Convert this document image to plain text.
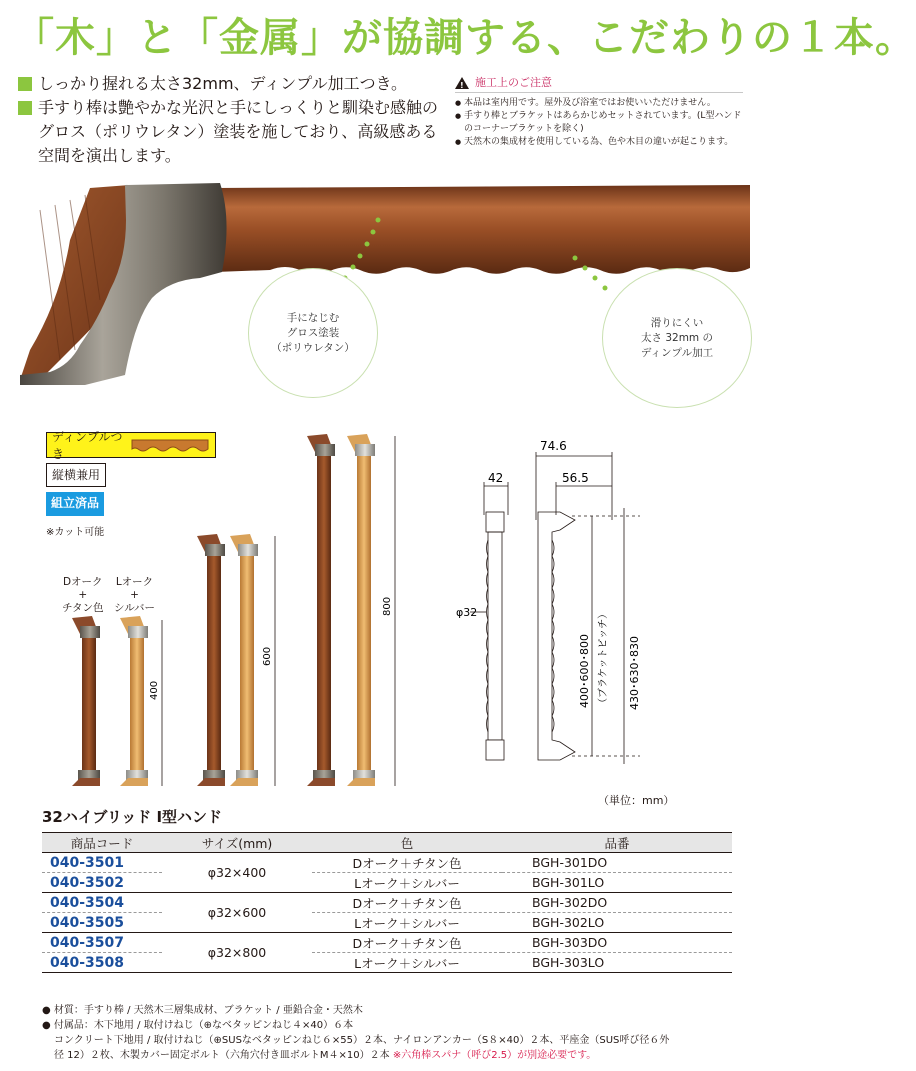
「木」と「金属」が協調する、こだわりの１本。
しっかり握れる太さ32mm、ディンプル加工つき。
手すり棒は艶やかな光沢と手にしっくりと馴染む感触のグロス（ポリウレタン）塗装を施しており、高級感ある空間を演出します。
! 施工上のご注意
● 本品は室内用です。屋外及び浴室ではお使いいただけません。
● 手すり棒とブラケットはあらかじめセットされています。(L型ハンドのコーナーブラケットを除く)
● 天然木の集成材を使用している為、色や木目の違いが起こります。
手になじむ
グロス塗装
（ポリウレタン）
滑りにくい
太さ 32mm の
ディンプル加工
ディンプルつき
縦横兼用
組立済品
※カット可能
Dオーク
+
チタン色
Lオーク
+
シルバー
400
600
800
74.6
42	56.5
φ32
400･600･800 （ブラケットピッチ） 430･630･830
（単位：mm）
32ハイブリッド Ⅰ型ハンド
商品コード	サイズ(mm)	色	品番
040-3501	φ32×400	Dオーク＋チタン色	BGH-301DO
040-3502		Lオーク＋シルバー	BGH-301LO
040-3504	φ32×600	Dオーク＋チタン色	BGH-302DO
040-3505		Lオーク＋シルバー	BGH-302LO
040-3507	φ32×800	Dオーク＋チタン色	BGH-303DO
040-3508		Lオーク＋シルバー	BGH-303LO
● 材質：手すり棒 / 天然木三層集成材、ブラケット / 亜鉛合金・天然木
● 付属品：木下地用 / 取付けねじ（⊕なベタッピンねじ４×40）６本
コンクリート下地用 / 取付けねじ（⊕SUSなベタッピンねじ６×55）２本、ナイロンアンカー（S８×40）２本、平座金（SUS呼び径６外
径 12）２枚、木製カバー固定ボルト（六角穴付き皿ボルトM４×10）２本 ※六角棒スパナ（呼び2.5）が別途必要です。
